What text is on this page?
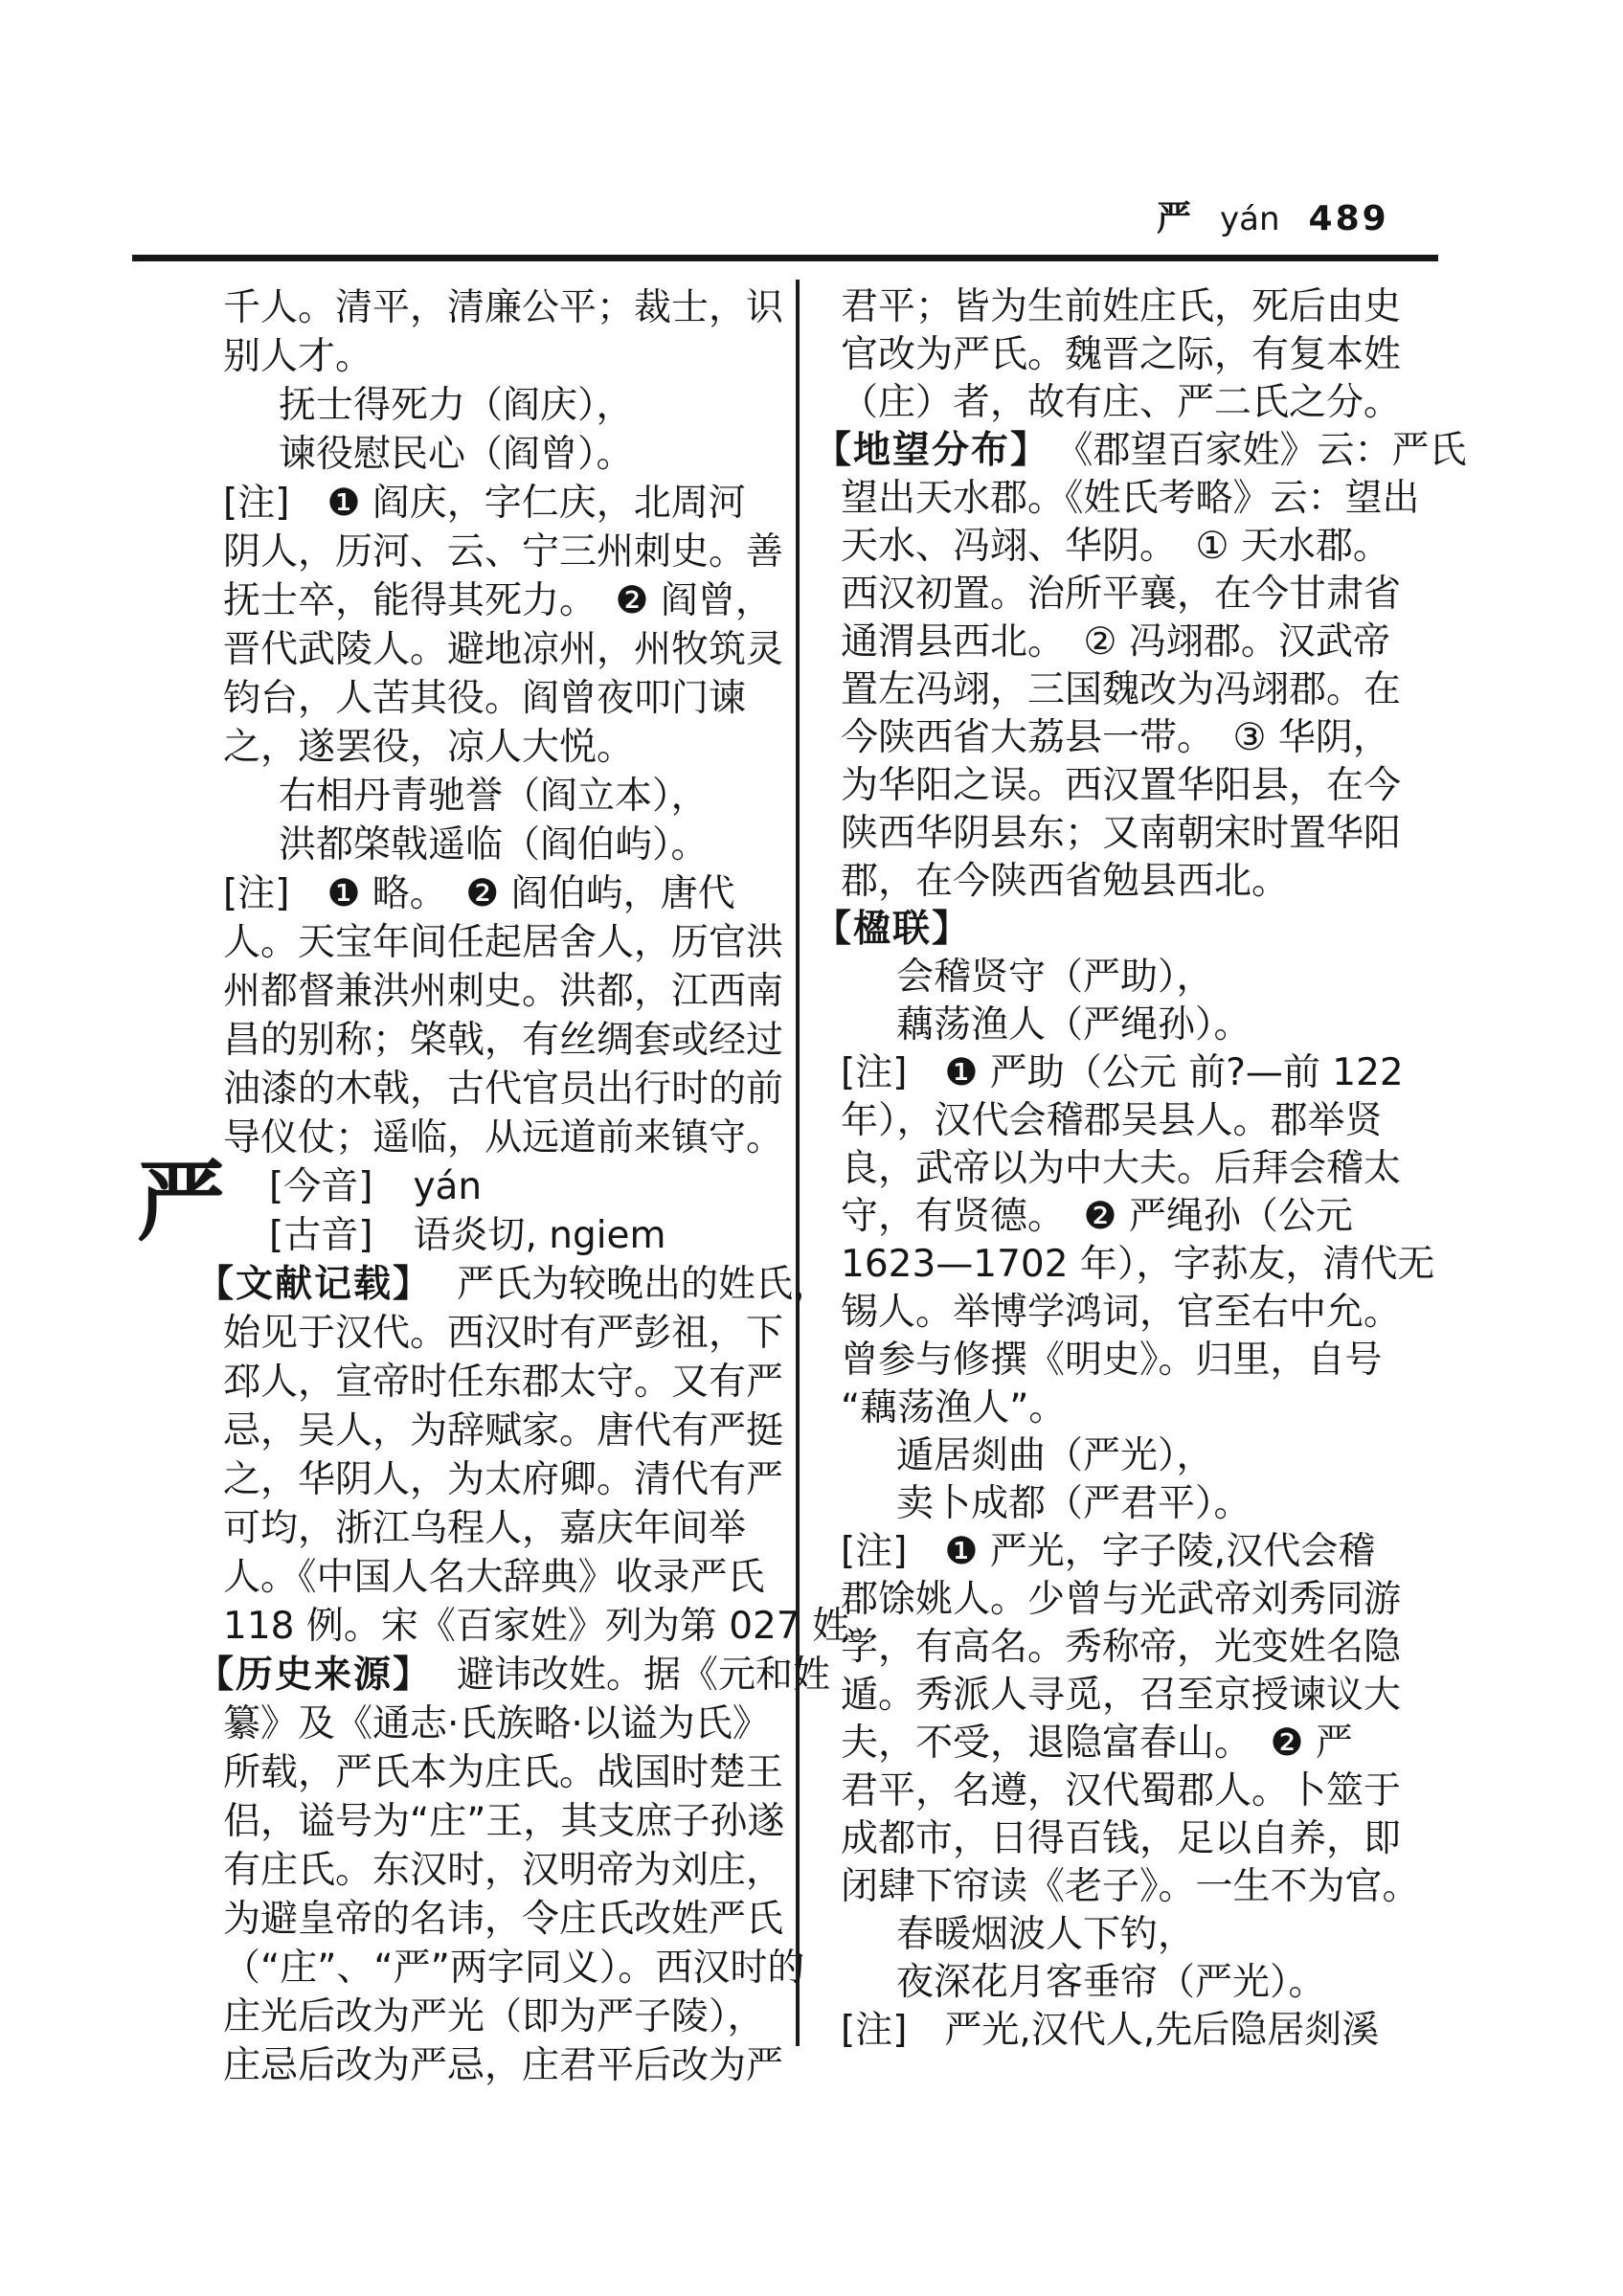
严 yán 489
千人。清平，清廉公平；裁士，识
别人才。
抚士得死力（阎庆），
谏役慰民心（阎曾）。
[注]　❶ 阎庆，字仁庆，北周河
阴人，历河、云、宁三州刺史。善
抚士卒，能得其死力。　❷ 阎曾，
晋代武陵人。避地凉州，州牧筑灵
钧台，人苦其役。阎曾夜叩门谏
之，遂罢役，凉人大悦。
右相丹青驰誉（阎立本），
洪都棨戟遥临（阎伯屿）。
[注]　❶ 略。　❷ 阎伯屿，唐代
人。天宝年间任起居舍人，历官洪
州都督兼洪州刺史。洪都，江西南
昌的别称；棨戟，有丝绸套或经过
油漆的木戟，古代官员出行时的前
导仪仗；遥临，从远道前来镇守。
严 [今音] yán
[古音] 语炎切, ngiem
【文献记载】 严氏为较晚出的姓氏，
始见于汉代。西汉时有严彭祖，下
邳人，宣帝时任东郡太守。又有严
忌，吴人，为辞赋家。唐代有严挺
之，华阴人，为太府卿。清代有严
可均，浙江乌程人，嘉庆年间举
人。《中国人名大辞典》收录严氏
118 例。宋《百家姓》列为第 027 姓。
【历史来源】 避讳改姓。据《元和姓
纂》及《通志·氏族略·以谥为氏》
所载，严氏本为庄氏。战国时楚王
侣，谥号为“庄”王，其支庶子孙遂
有庄氏。东汉时，汉明帝为刘庄，
为避皇帝的名讳，令庄氏改姓严氏
（“庄”、“严”两字同义）。西汉时的
庄光后改为严光（即为严子陵），
庄忌后改为严忌，庄君平后改为严
君平；皆为生前姓庄氏，死后由史
官改为严氏。魏晋之际，有复本姓
（庄）者，故有庄、严二氏之分。
【地望分布】 《郡望百家姓》云：严氏
望出天水郡。《姓氏考略》云：望出
天水、冯翊、华阴。　① 天水郡。
西汉初置。治所平襄，在今甘肃省
通渭县西北。　② 冯翊郡。汉武帝
置左冯翊，三国魏改为冯翊郡。在
今陕西省大荔县一带。　③ 华阴，
为华阳之误。西汉置华阳县，在今
陕西华阴县东；又南朝宋时置华阳
郡，在今陕西省勉县西北。
【楹联】
会稽贤守（严助），
藕荡渔人（严绳孙）。
[注]　❶ 严助（公元 前?—前 122
年），汉代会稽郡吴县人。郡举贤
良，武帝以为中大夫。后拜会稽太
守，有贤德。　❷ 严绳孙（公元
1623—1702 年），字荪友，清代无
锡人。举博学鸿词，官至右中允。
曾参与修撰《明史》。归里，自号
“藕荡渔人”。
遁居剡曲（严光），
卖卜成都（严君平）。
[注]　❶ 严光，字子陵,汉代会稽
郡馀姚人。少曾与光武帝刘秀同游
学，有高名。秀称帝，光变姓名隐
遁。秀派人寻觅，召至京授谏议大
夫，不受，退隐富春山。　❷ 严
君平，名遵，汉代蜀郡人。卜筮于
成都市，日得百钱，足以自养，即
闭肆下帘读《老子》。一生不为官。
春暖烟波人下钓，
夜深花月客垂帘（严光）。
[注]　严光,汉代人,先后隐居剡溪
